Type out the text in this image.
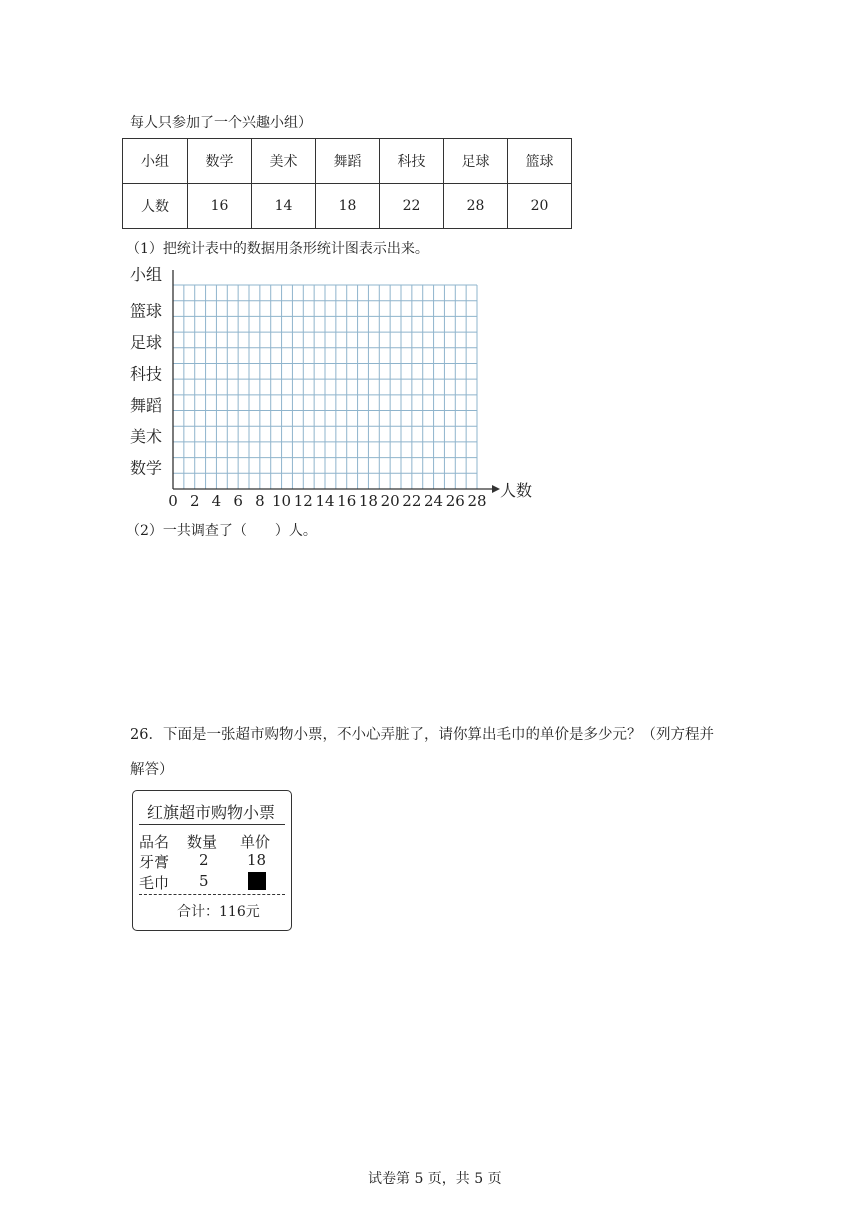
每人只参加了一个兴趣小组）
小组	数学	美术	舞蹈	科技	足球	篮球
人数	16	14	18	22	28	20
（1）把统计表中的数据用条形统计图表示出来。
数学
美术
舞蹈
科技
足球
篮球
0 2 4 6 8 10 12 14 16 18 20 22 24 26 28
小组
人数
（2）一共调查了（　　）人。
26．下面是一张超市购物小票，不小心弄脏了，请你算出毛巾的单价是多少元？（列方程并
解答）
红旗超市购物小票
品名 数量 单价
牙膏 2	18
毛巾 5
合计：116元
试卷第 5 页，共 5 页
